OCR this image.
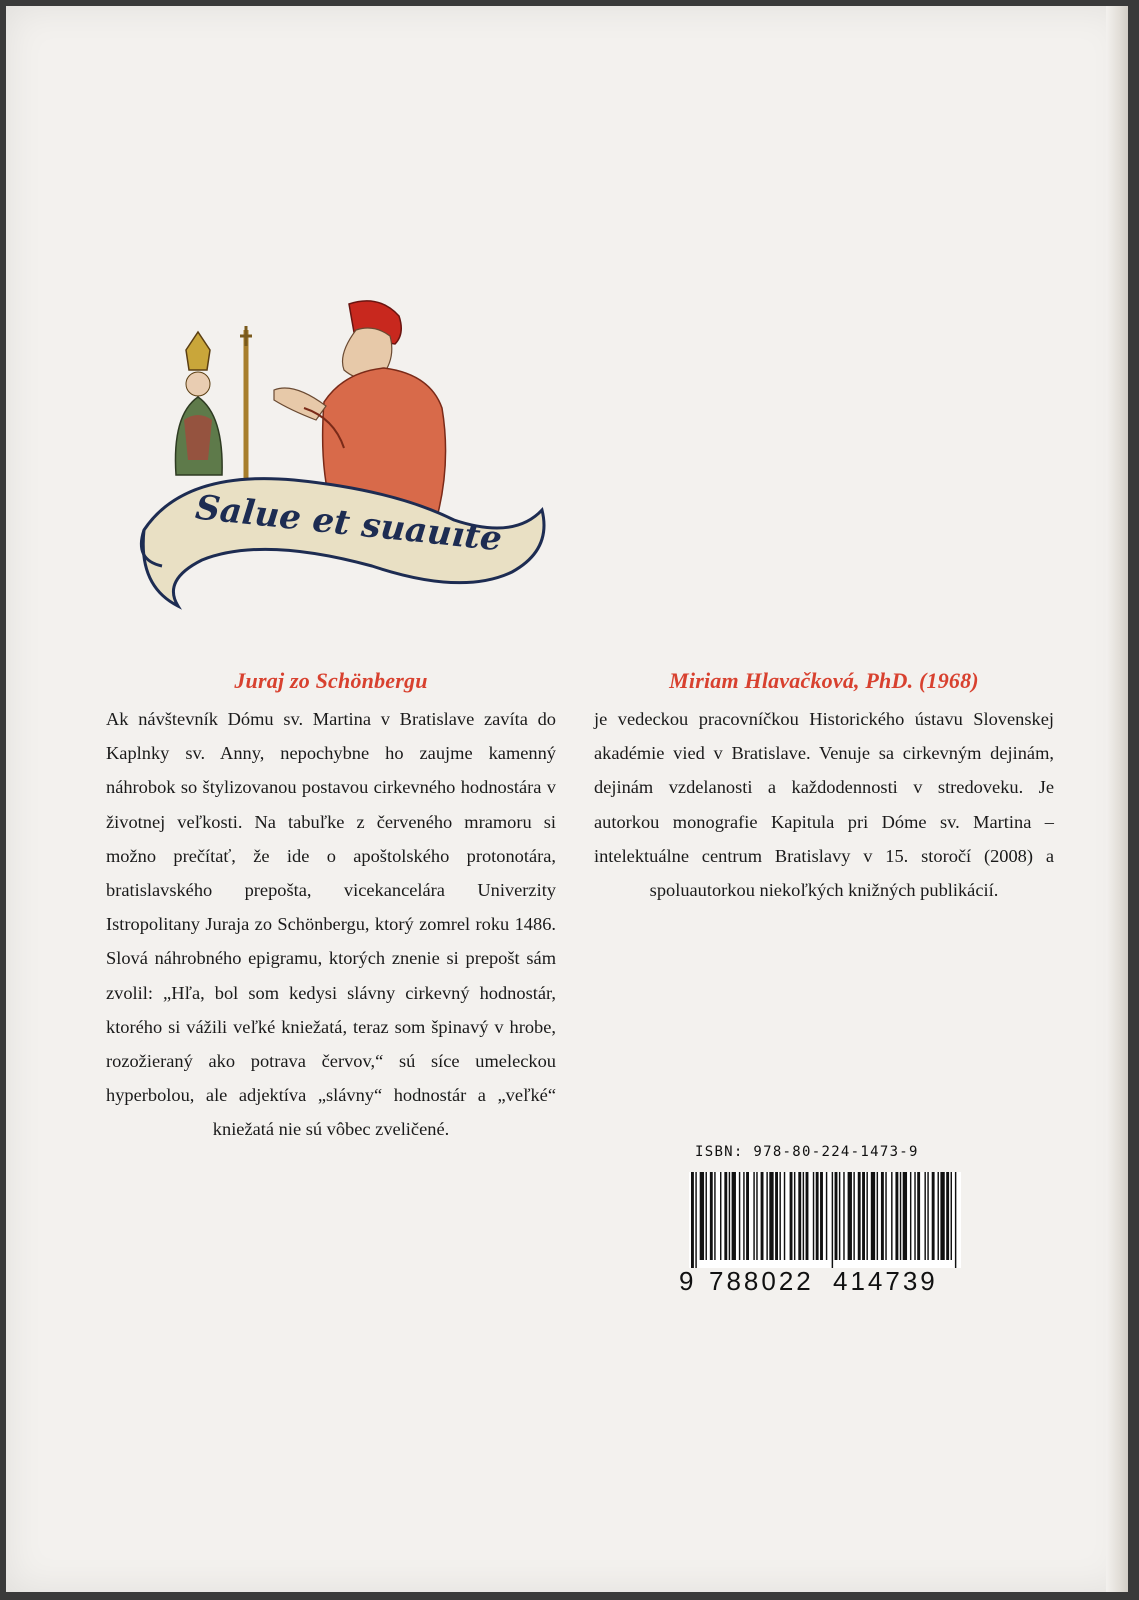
Salue et suauıte
Juraj zo Schönbergu

Ak návštevník Dómu sv. Martina v Bratislave zavíta do Kaplnky sv. Anny, nepochybne ho zaujme kamenný náhrobok so štylizovanou postavou cirkevného hodnostára v životnej veľkosti. Na tabuľke z červeného mramoru si možno prečítať, že ide o apoštolského protonotára, bratislavského prepošta, vicekancelára Univerzity Istropolitany Juraja zo Schönbergu, ktorý zomrel roku 1486. Slová náhrobného epigramu, ktorých znenie si prepošt sám zvolil: „Hľa, bol som kedysi slávny cirkevný hodnostár, ktorého si vážili veľké kniežatá, teraz som špinavý v hrobe, rozožieraný ako potrava červov,“ sú síce umeleckou hyperbolou, ale adjektíva „slávny“ hodnostár a „veľké“ kniežatá nie sú vôbec zveličené.

Miriam Hlavačková, PhD. (1968)

je vedeckou pracovníčkou Historického ústavu Slovenskej akadémie vied v Bratislave. Venuje sa cirkevným dejinám, dejinám vzdelanosti a každodennosti v stredoveku. Je autorkou monografie Kapitula pri Dóme sv. Martina – intelektuálne centrum Bratislavy v 15. storočí (2008) a spoluautorkou niekoľkých knižných publikácií.

ISBN: 978-80-224-1473-9
9 788022 414739
